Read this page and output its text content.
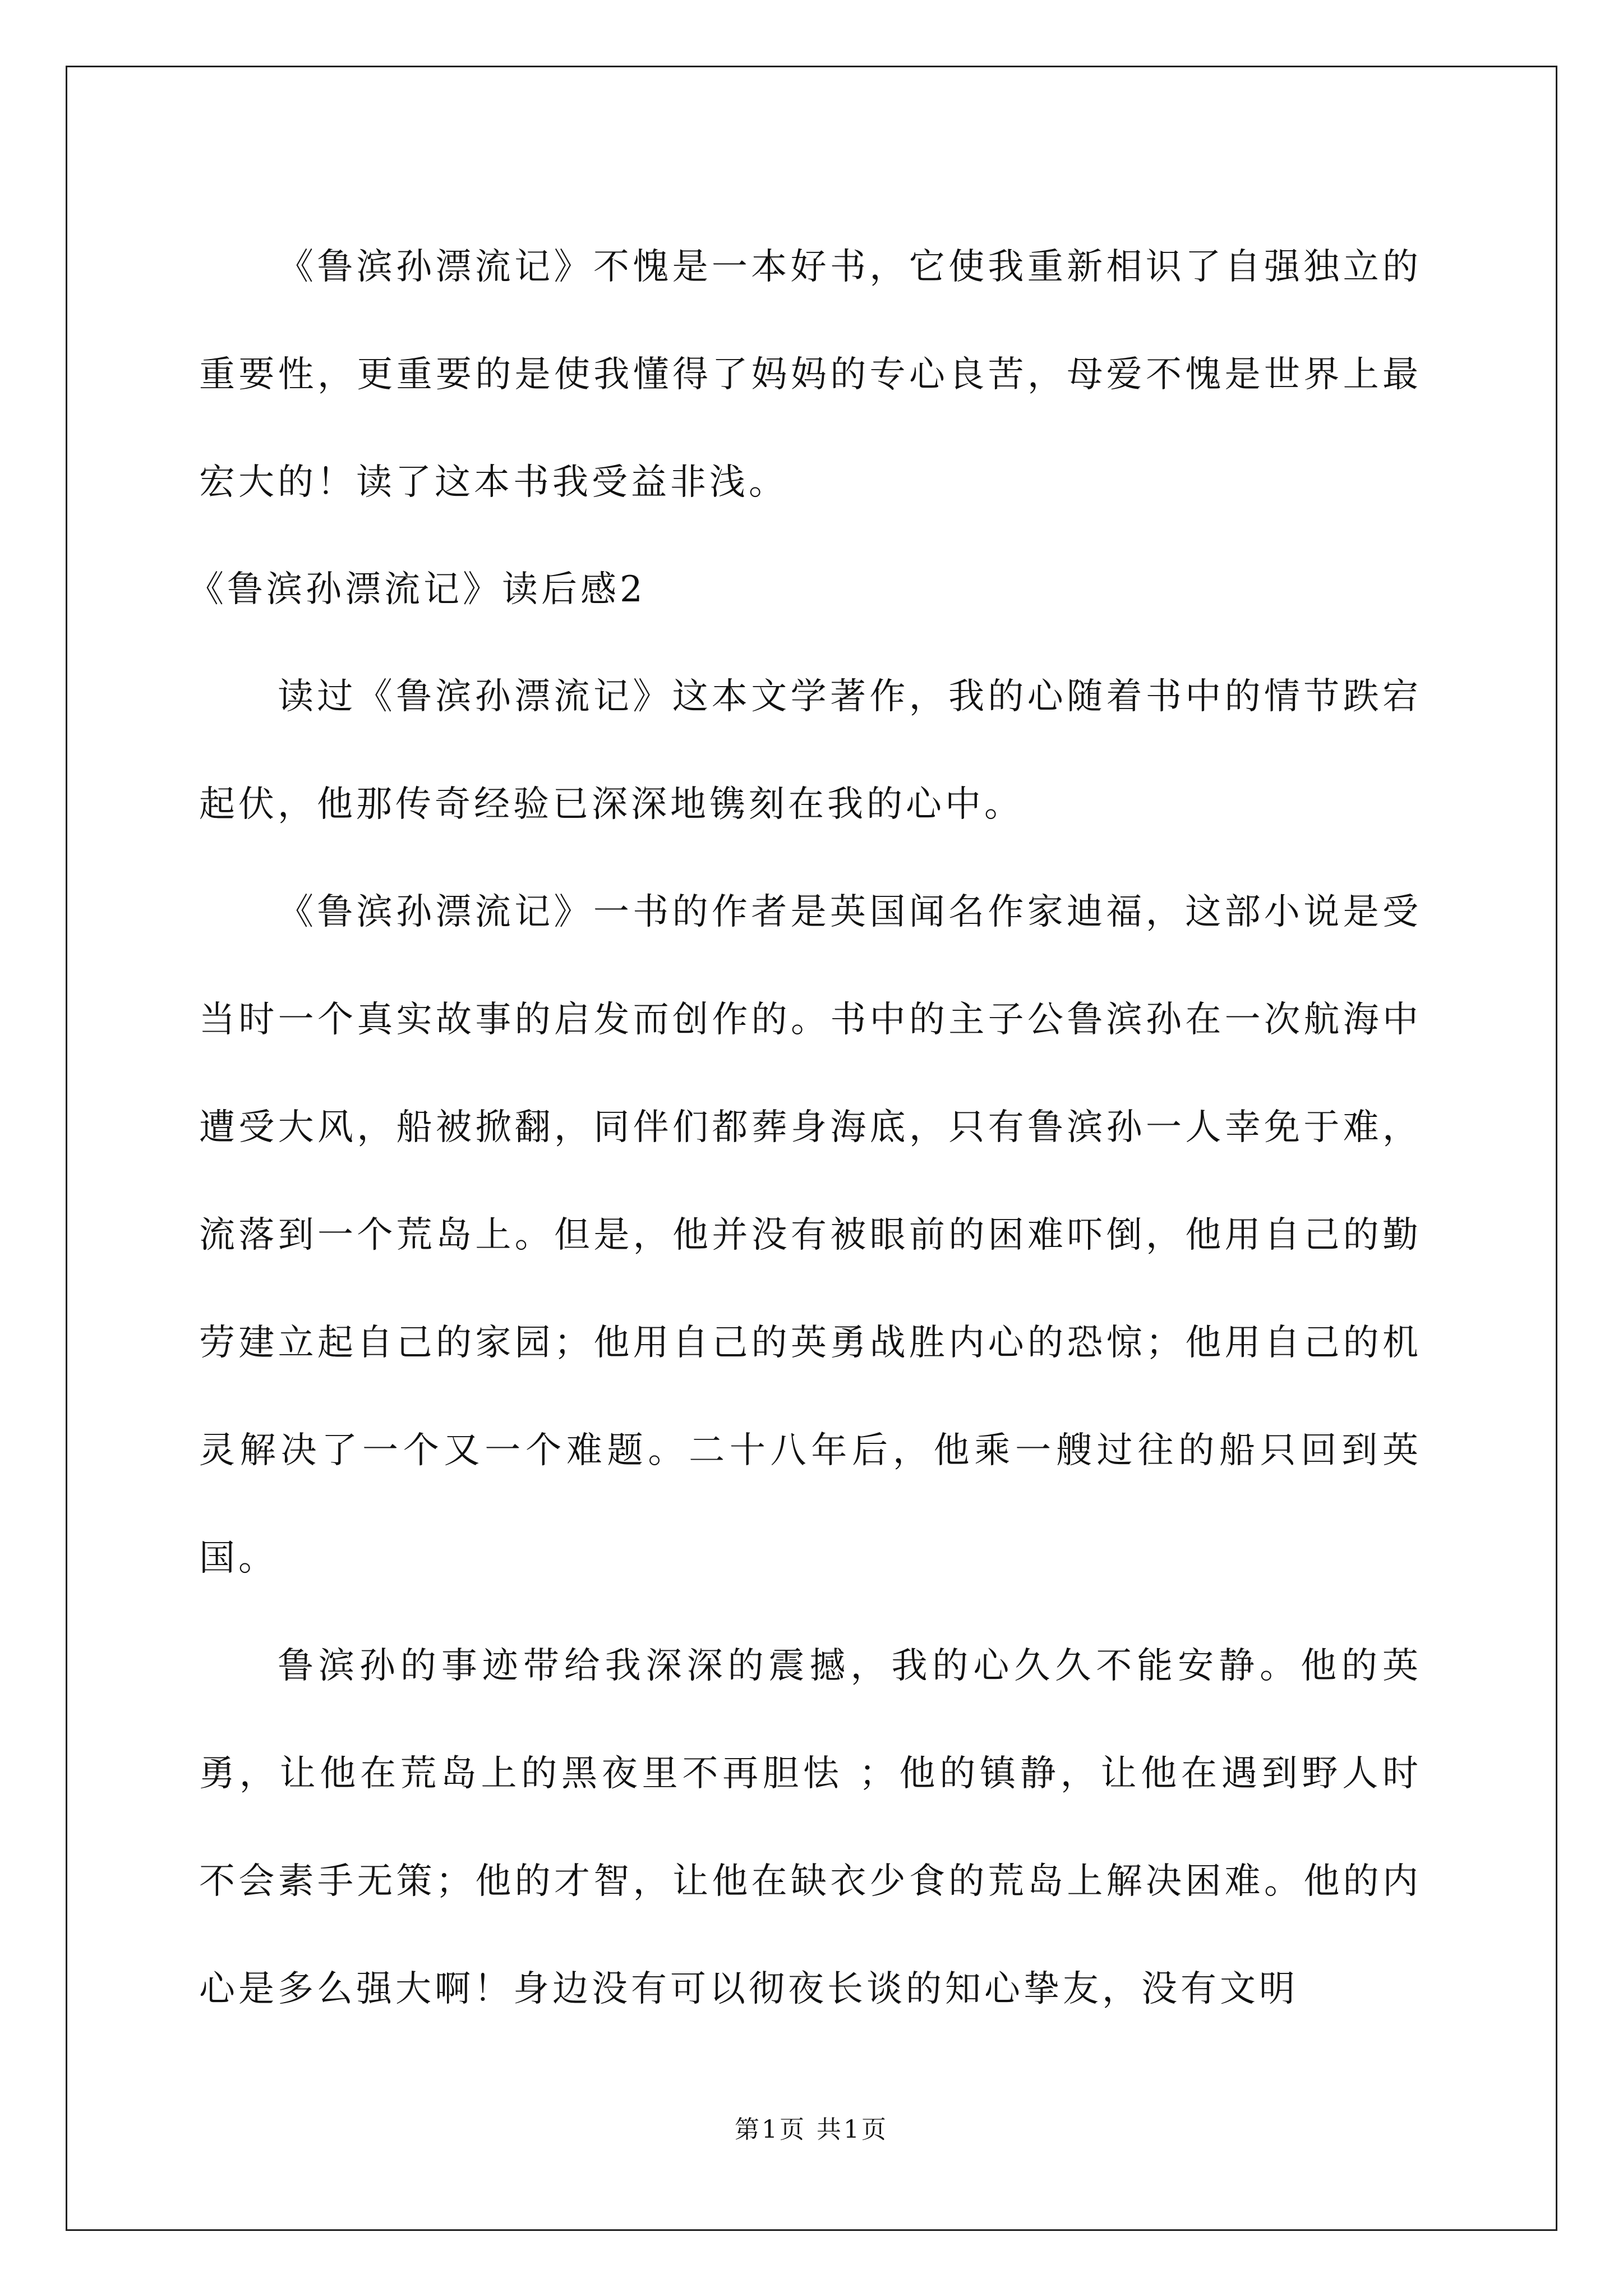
《鲁滨孙漂流记》不愧是一本好书，它使我重新相识了自强独立的重要性，更重要的是使我懂得了妈妈的专心良苦，母爱不愧是世界上最宏大的！读了这本书我受益非浅。

《鲁滨孙漂流记》读后感2

读过《鲁滨孙漂流记》这本文学著作，我的心随着书中的情节跌宕起伏，他那传奇经验已深深地镌刻在我的心中。

《鲁滨孙漂流记》一书的作者是英国闻名作家迪福，这部小说是受当时一个真实故事的启发而创作的。书中的主子公鲁滨孙在一次航海中遭受大风，船被掀翻，同伴们都葬身海底，只有鲁滨孙一人幸免于难，流落到一个荒岛上。但是，他并没有被眼前的困难吓倒，他用自己的勤劳建立起自己的家园；他用自己的英勇战胜内心的恐惊；他用自己的机灵解决了一个又一个难题。二十八年后，他乘一艘过往的船只回到英国。

鲁滨孙的事迹带给我深深的震撼，我的心久久不能安静。他的英勇，让他在荒岛上的黑夜里不再胆怯 ；他的镇静，让他在遇到野人时不会素手无策；他的才智，让他在缺衣少食的荒岛上解决困难。他的内心是多么强大啊！身边没有可以彻夜长谈的知心挚友，没有文明

第1页 共1页
